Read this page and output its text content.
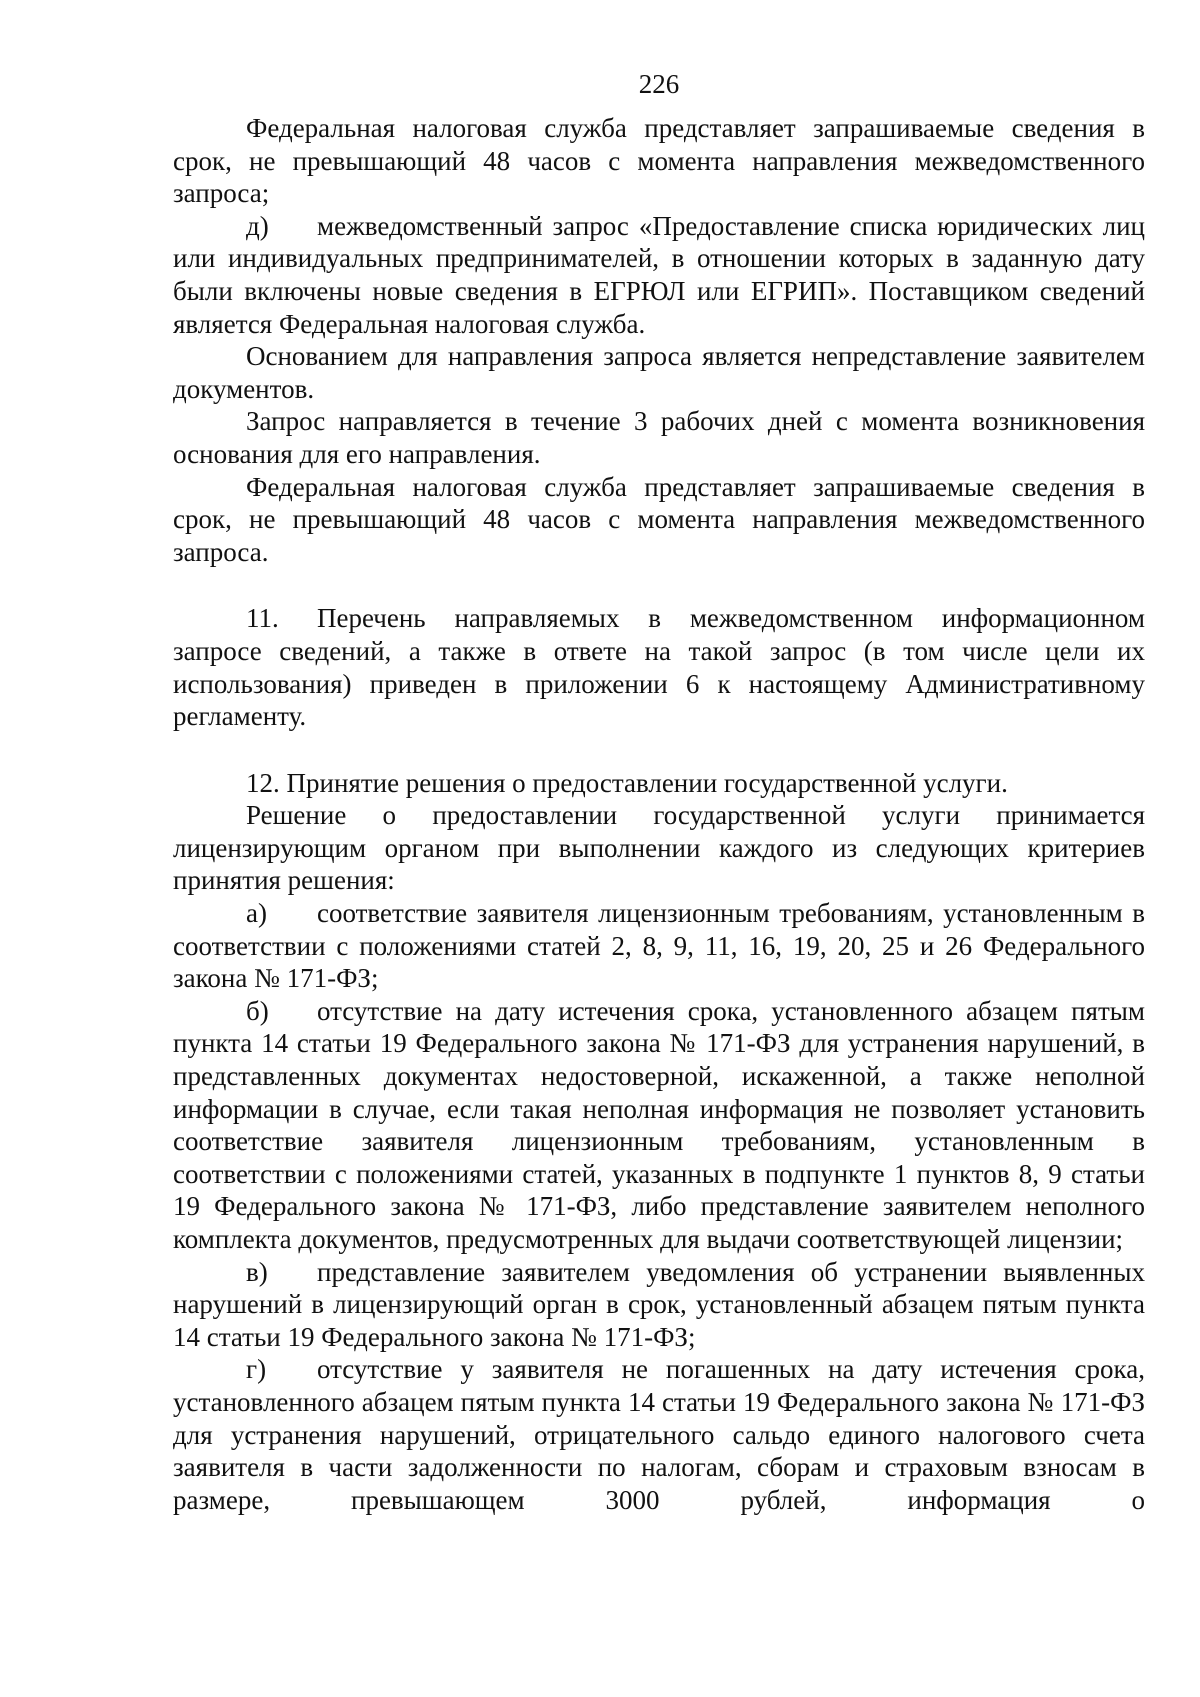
226

Федеральная налоговая служба представляет запрашиваемые сведения в срок, не превышающий 48 часов с момента направления межведомственного запроса;

д) межведомственный запрос «Предоставление списка юридических лиц или индивидуальных предпринимателей, в отношении которых в заданную дату были включены новые сведения в ЕГРЮЛ или ЕГРИП». Поставщиком сведений является Федеральная налоговая служба.

Основанием для направления запроса является непредставление заявителем документов.

Запрос направляется в течение 3 рабочих дней с момента возникновения основания для его направления.

Федеральная налоговая служба представляет запрашиваемые сведения в срок, не превышающий 48 часов с момента направления межведомственного запроса.

11. Перечень направляемых в межведомственном информационном запросе сведений, а также в ответе на такой запрос (в том числе цели их использования) приведен в приложении 6 к настоящему Административному регламенту.

12. Принятие решения о предоставлении государственной услуги.

Решение о предоставлении государственной услуги принимается лицензирующим органом при выполнении каждого из следующих критериев принятия решения:

а) соответствие заявителя лицензионным требованиям, установленным в соответствии с положениями статей 2, 8, 9, 11, 16, 19, 20, 25 и 26 Федерального закона № 171-ФЗ;

б) отсутствие на дату истечения срока, установленного абзацем пятым пункта 14 статьи 19 Федерального закона № 171-ФЗ для устранения нарушений, в представленных документах недостоверной, искаженной, а также неполной информации в случае, если такая неполная информация не позволяет установить соответствие заявителя лицензионным требованиям, установленным в соответствии с положениями статей, указанных в подпункте 1 пунктов 8, 9 статьи 19 Федерального закона № 171-ФЗ, либо представление заявителем неполного комплекта документов, предусмотренных для выдачи соответствующей лицензии;

в) представление заявителем уведомления об устранении выявленных нарушений в лицензирующий орган в срок, установленный абзацем пятым пункта 14 статьи 19 Федерального закона № 171-ФЗ;

г) отсутствие у заявителя не погашенных на дату истечения срока, установленного абзацем пятым пункта 14 статьи 19 Федерального закона № 171-ФЗ для устранения нарушений, отрицательного сальдо единого налогового счета заявителя в части задолженности по налогам, сборам и страховым взносам в размере, превышающем 3000 рублей, информация о
